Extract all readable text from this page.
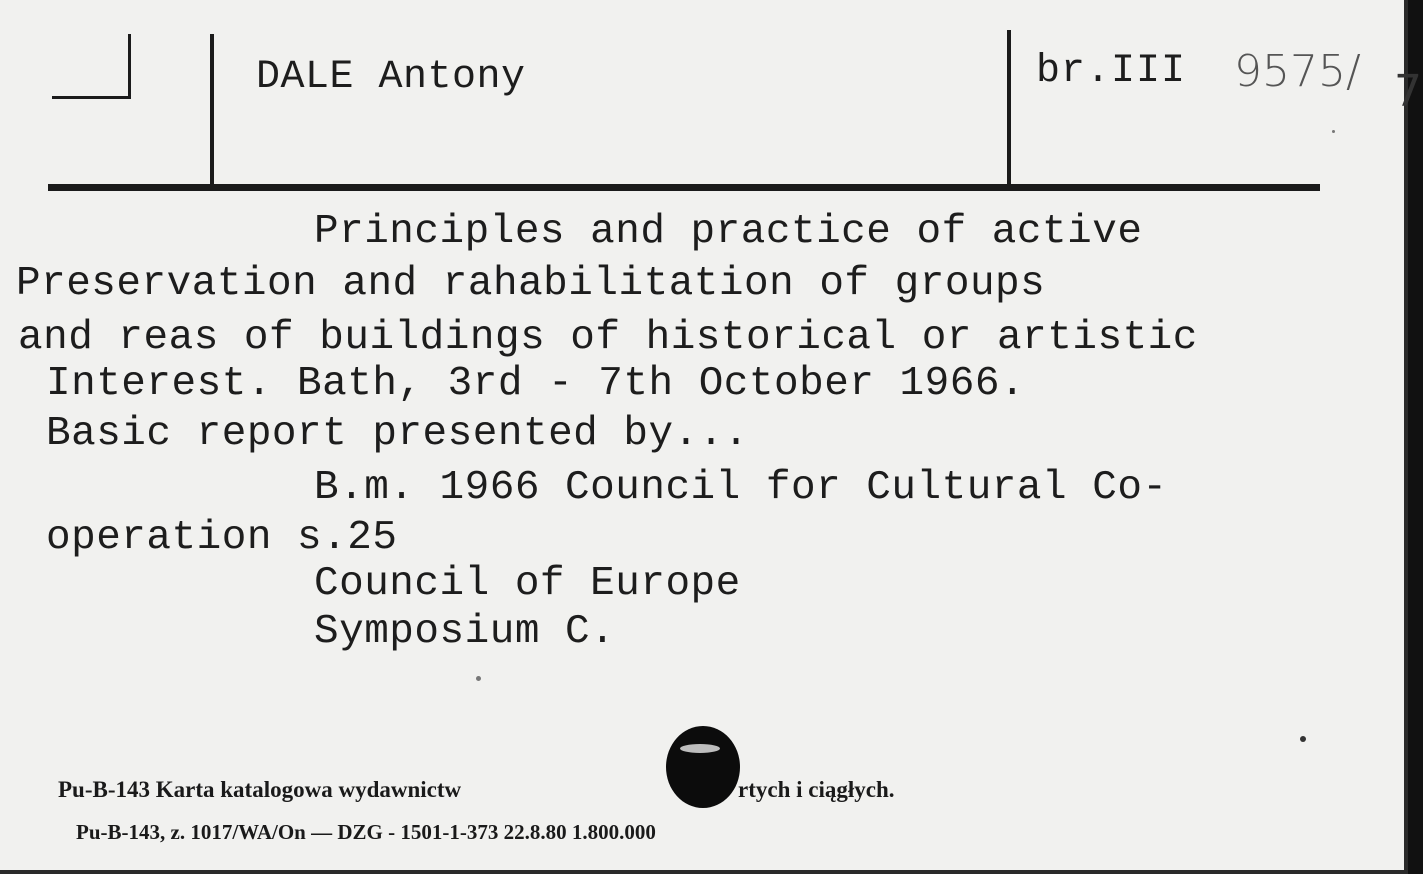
DALE Antony	br.III 9575/ 7

Principles and practice of active

Preservation and rahabilitation of groups

and reas of buildings of historical or artistic

Interest. Bath, 3rd - 7th October 1966.

Basic report presented by...

B.m. 1966 Council for Cultural Co-

operation s.25

Council of Europe

Symposium C.

Pu-B-143 Karta katalogowa wydawnictw	rtych i ciągłych.

Pu-B-143, z. 1017/WA/On — DZG - 1501-1-373 22.8.80 1.800.000
